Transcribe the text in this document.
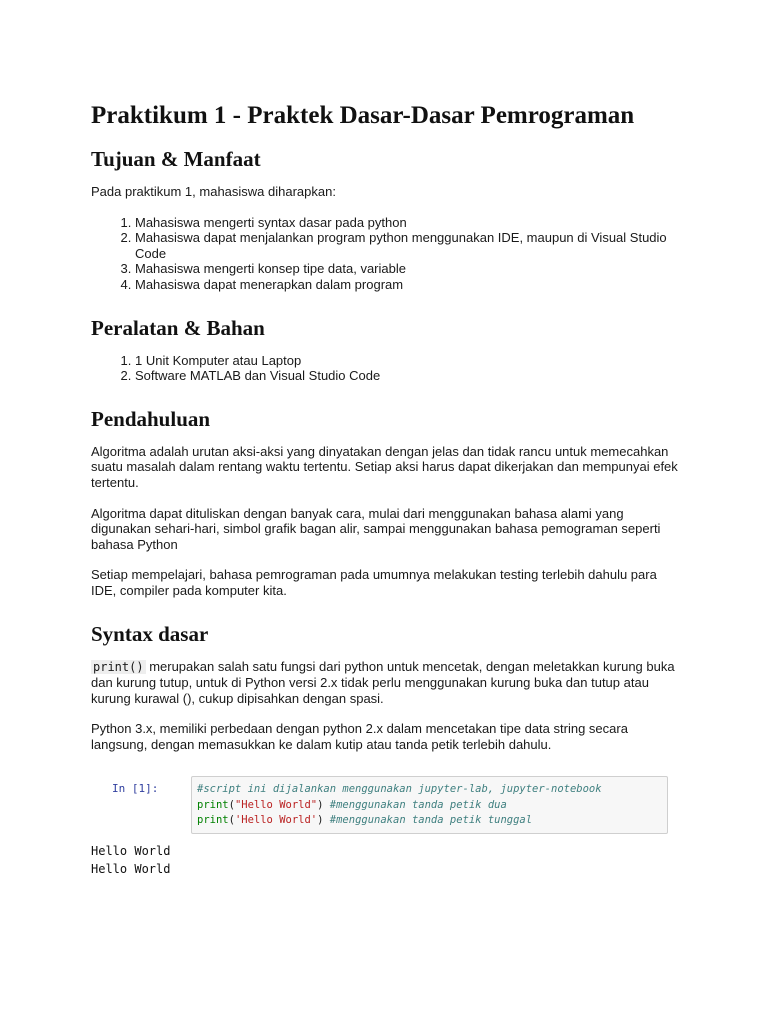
Praktikum 1 - Praktek Dasar-Dasar Pemrograman
Tujuan & Manfaat

Pada praktikum 1, mahasiswa diharapkan:

1. Mahasiswa mengerti syntax dasar pada python
2. Mahasiswa dapat menjalankan program python menggunakan IDE, maupun di Visual Studio Code
3. Mahasiswa mengerti konsep tipe data, variable
4. Mahasiswa dapat menerapkan dalam program
Peralatan & Bahan
1. 1 Unit Komputer atau Laptop
2. Software MATLAB dan Visual Studio Code
Pendahuluan

Algoritma adalah urutan aksi-aksi yang dinyatakan dengan jelas dan tidak rancu untuk memecahkan suatu masalah dalam rentang waktu tertentu. Setiap aksi harus dapat dikerjakan dan mempunyai efek tertentu.

Algoritma dapat dituliskan dengan banyak cara, mulai dari menggunakan bahasa alami yang digunakan sehari-hari, simbol grafik bagan alir, sampai menggunakan bahasa pemograman seperti bahasa Python

Setiap mempelajari, bahasa pemrograman pada umumnya melakukan testing terlebih dahulu para IDE, compiler pada komputer kita.

Syntax dasar

print() merupakan salah satu fungsi dari python untuk mencetak, dengan meletakkan kurung buka dan kurung tutup, untuk di Python versi 2.x tidak perlu menggunakan kurung buka dan tutup atau kurung kurawal (), cukup dipisahkan dengan spasi.

Python 3.x, memiliki perbedaan dengan python 2.x dalam mencetakan tipe data string secara langsung, dengan memasukkan ke dalam kutip atau tanda petik terlebih dahulu.

In [1]:	#script ini dijalankan menggunakan jupyter-lab, jupyter-notebook
print("Hello World") #menggunakan tanda petik dua
print('Hello World') #menggunakan tanda petik tunggal
Hello World
Hello World
